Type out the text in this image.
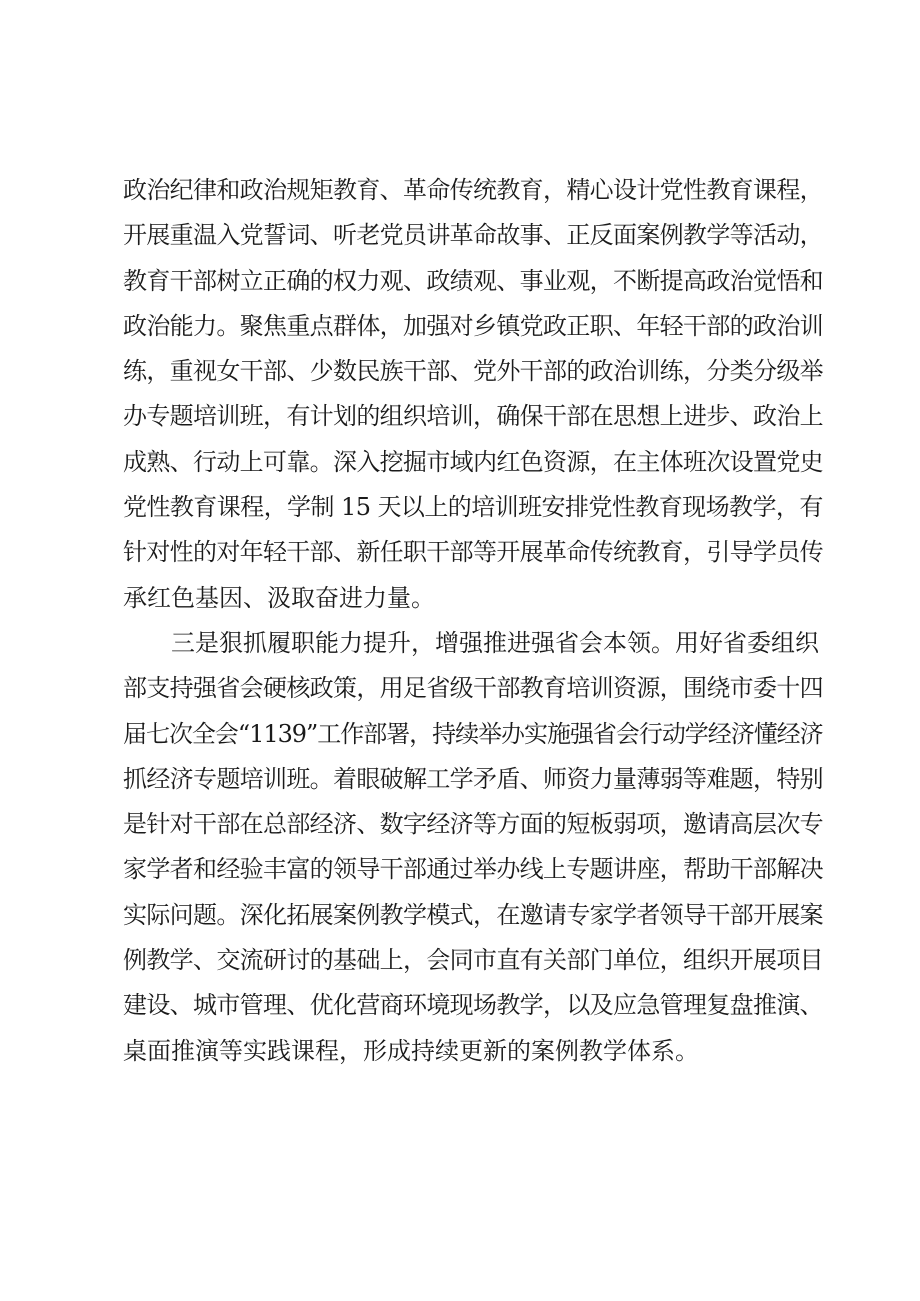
政治纪律和政治规矩教育、革命传统教育，精心设计党性教育课程，
开展重温入党誓词、听老党员讲革命故事、正反面案例教学等活动，
教育干部树立正确的权力观、政绩观、事业观，不断提高政治觉悟和
政治能力。聚焦重点群体，加强对乡镇党政正职、年轻干部的政治训
练，重视女干部、少数民族干部、党外干部的政治训练，分类分级举
办专题培训班，有计划的组织培训，确保干部在思想上进步、政治上
成熟、行动上可靠。深入挖掘市域内红色资源，在主体班次设置党史
党性教育课程，学制 15 天以上的培训班安排党性教育现场教学，有
针对性的对年轻干部、新任职干部等开展革命传统教育，引导学员传
承红色基因、汲取奋进力量。
三是狠抓履职能力提升，增强推进强省会本领。用好省委组织
部支持强省会硬核政策，用足省级干部教育培训资源，围绕市委十四
届七次全会“1139”工作部署，持续举办实施强省会行动学经济懂经济
抓经济专题培训班。着眼破解工学矛盾、师资力量薄弱等难题，特别
是针对干部在总部经济、数字经济等方面的短板弱项，邀请高层次专
家学者和经验丰富的领导干部通过举办线上专题讲座，帮助干部解决
实际问题。深化拓展案例教学模式，在邀请专家学者领导干部开展案
例教学、交流研讨的基础上，会同市直有关部门单位，组织开展项目
建设、城市管理、优化营商环境现场教学，以及应急管理复盘推演、
桌面推演等实践课程，形成持续更新的案例教学体系。
